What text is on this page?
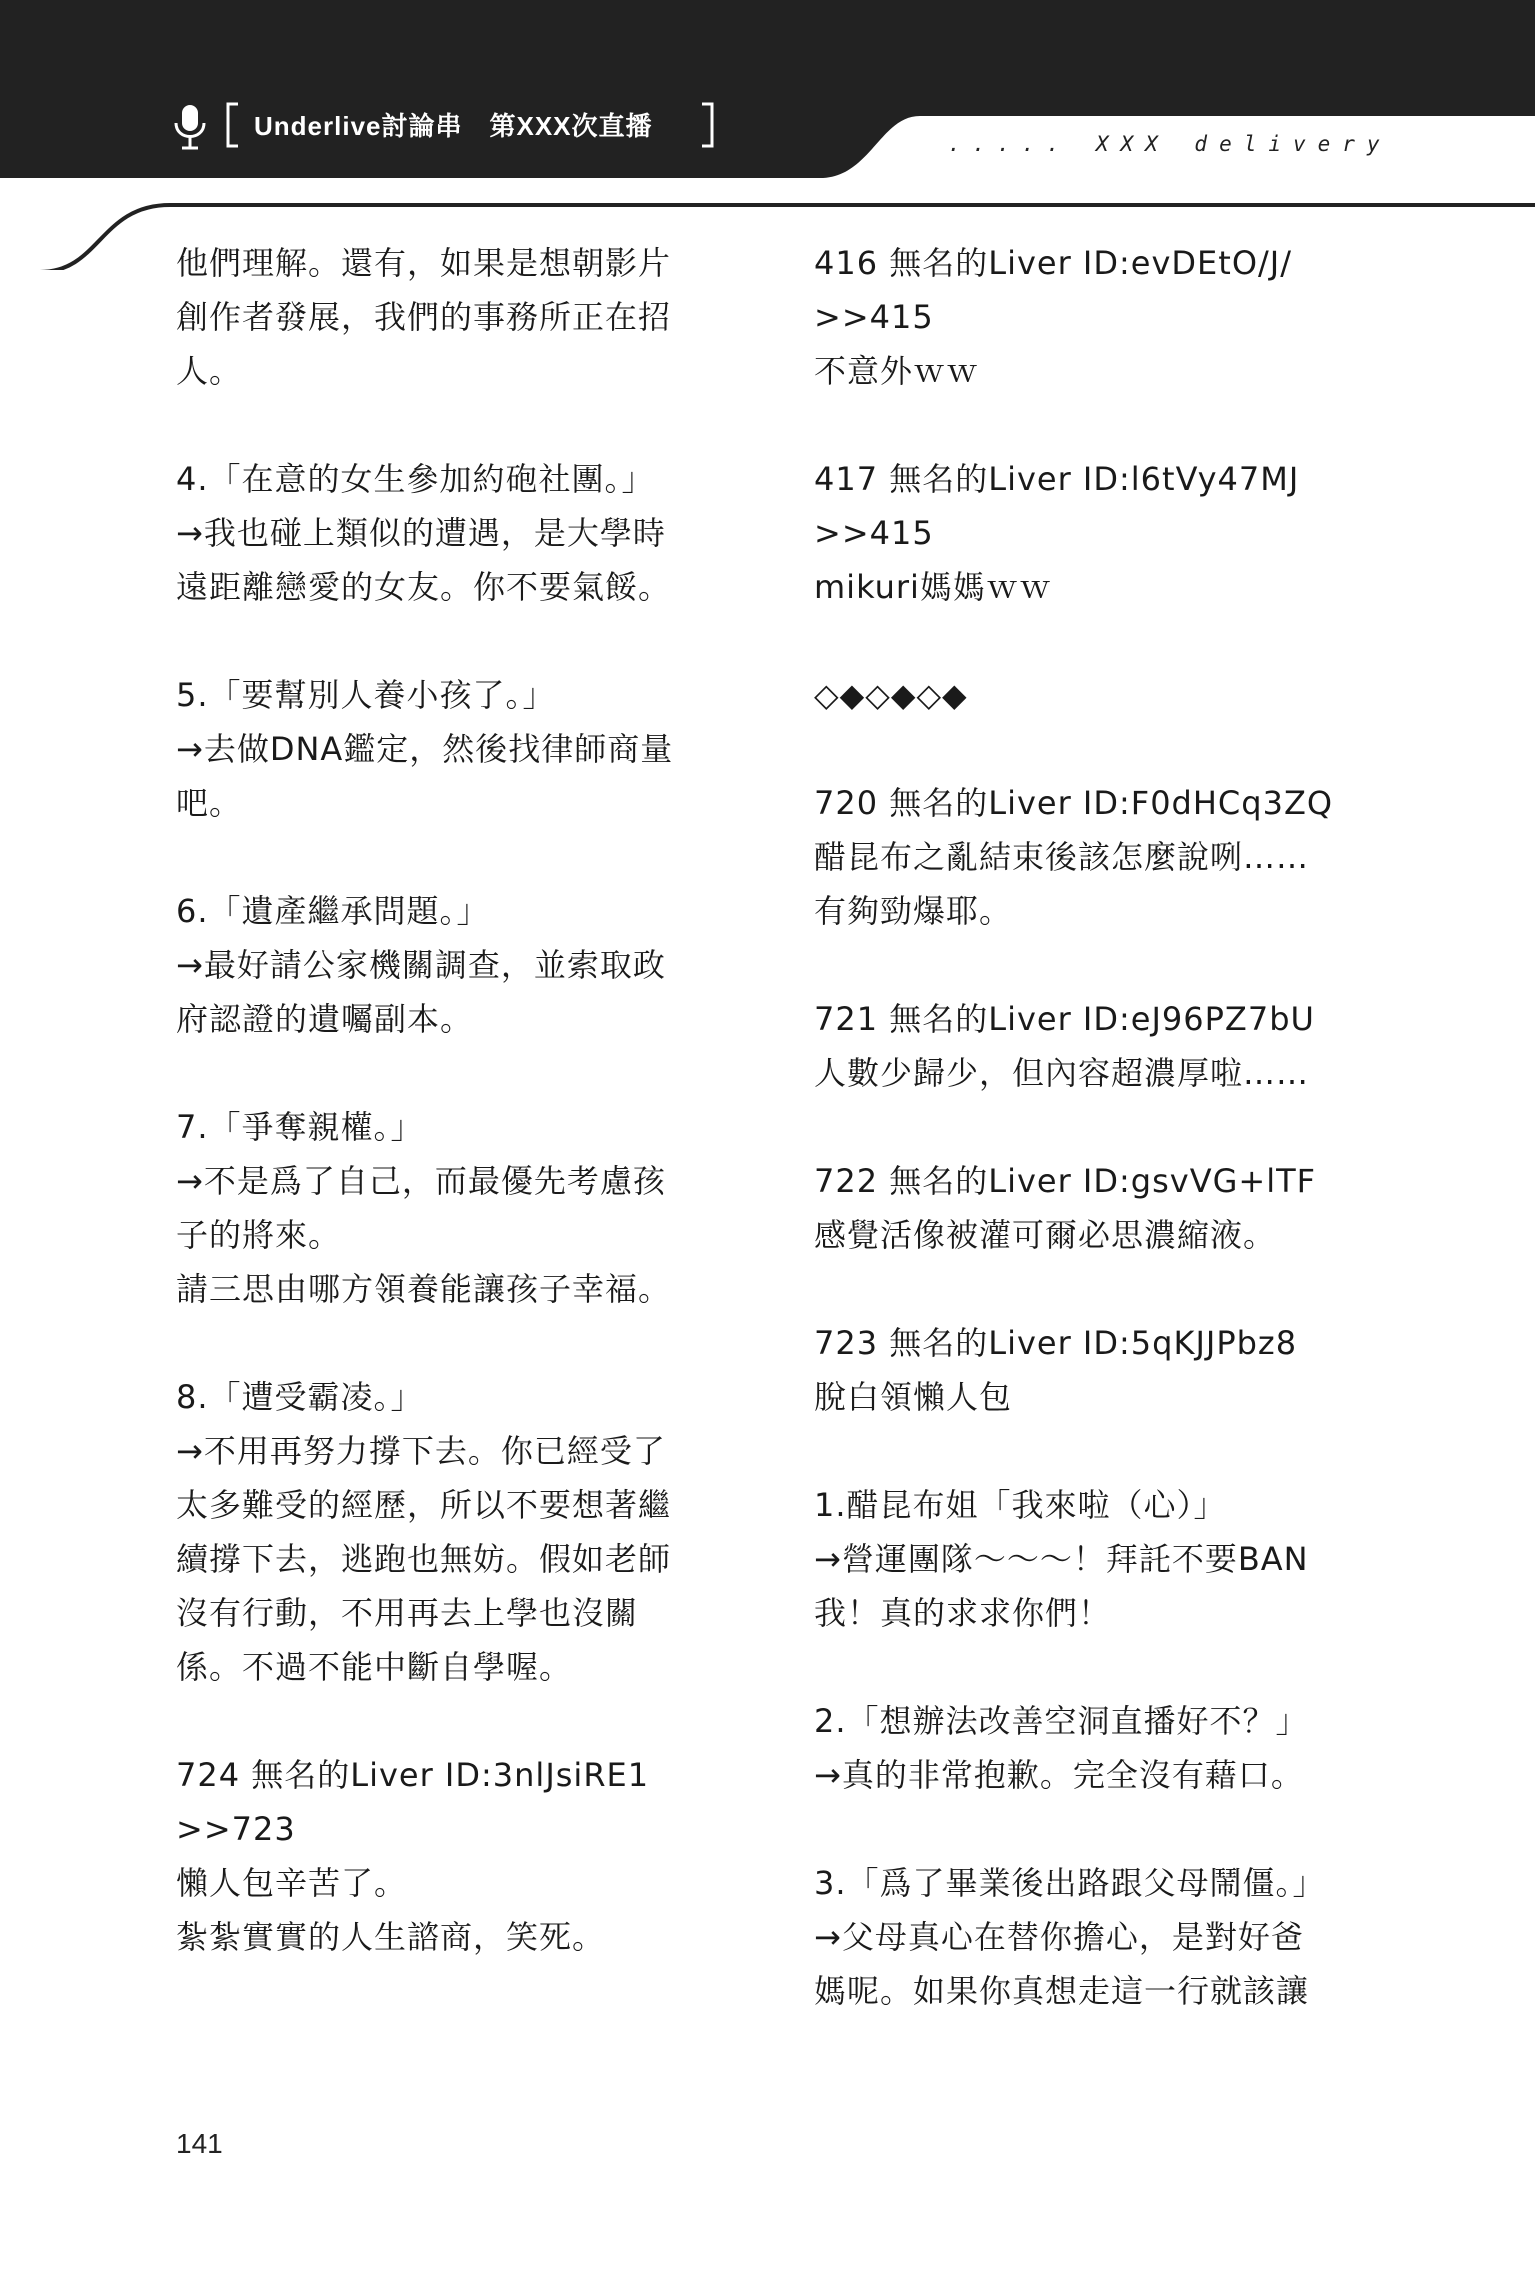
Underlive討論串　第XXX次直播
..... XXX delivery
他們理解。還有，如果是想朝影片
創作者發展，我們的事務所正在招
人。
4.「在意的女生參加約砲社團。」
→我也碰上類似的遭遇，是大學時
遠距離戀愛的女友。你不要氣餒。
5.「要幫別人養小孩了。」
→去做DNA鑑定，然後找律師商量
吧。
6.「遺產繼承問題。」
→最好請公家機關調查，並索取政
府認證的遺囑副本。
7.「爭奪親權。」
→不是爲了自己，而最優先考慮孩
子的將來。
請三思由哪方領養能讓孩子幸福。
8.「遭受霸凌。」
→不用再努力撐下去。你已經受了
太多難受的經歷，所以不要想著繼
續撐下去，逃跑也無妨。假如老師
沒有行動，不用再去上學也沒關
係。不過不能中斷自學喔。
724 無名的Liver ID:3nlJsiRE1
>>723
懶人包辛苦了。
紮紮實實的人生諮商，笑死。
416 無名的Liver ID:evDEtO/J/
>>415
不意外ｗｗ
417 無名的Liver ID:l6tVy47MJ
>>415
mikuri媽媽ｗｗ
◇◆◇◆◇◆
720 無名的Liver ID:F0dHCq3ZQ
醋昆布之亂結束後該怎麼說咧……
有夠勁爆耶。
721 無名的Liver ID:eJ96PZ7bU
人數少歸少，但內容超濃厚啦……
722 無名的Liver ID:gsvVG+lTF
感覺活像被灌可爾必思濃縮液。
723 無名的Liver ID:5qKJJPbz8
脫白領懶人包
1.醋昆布姐「我來啦（心）」
→營運團隊〜〜〜！拜託不要BAN
我！真的求求你們！
2.「想辦法改善空洞直播好不？」
→真的非常抱歉。完全沒有藉口。
3.「爲了畢業後出路跟父母鬧僵。」
→父母真心在替你擔心，是對好爸
媽呢。如果你真想走這一行就該讓
141
